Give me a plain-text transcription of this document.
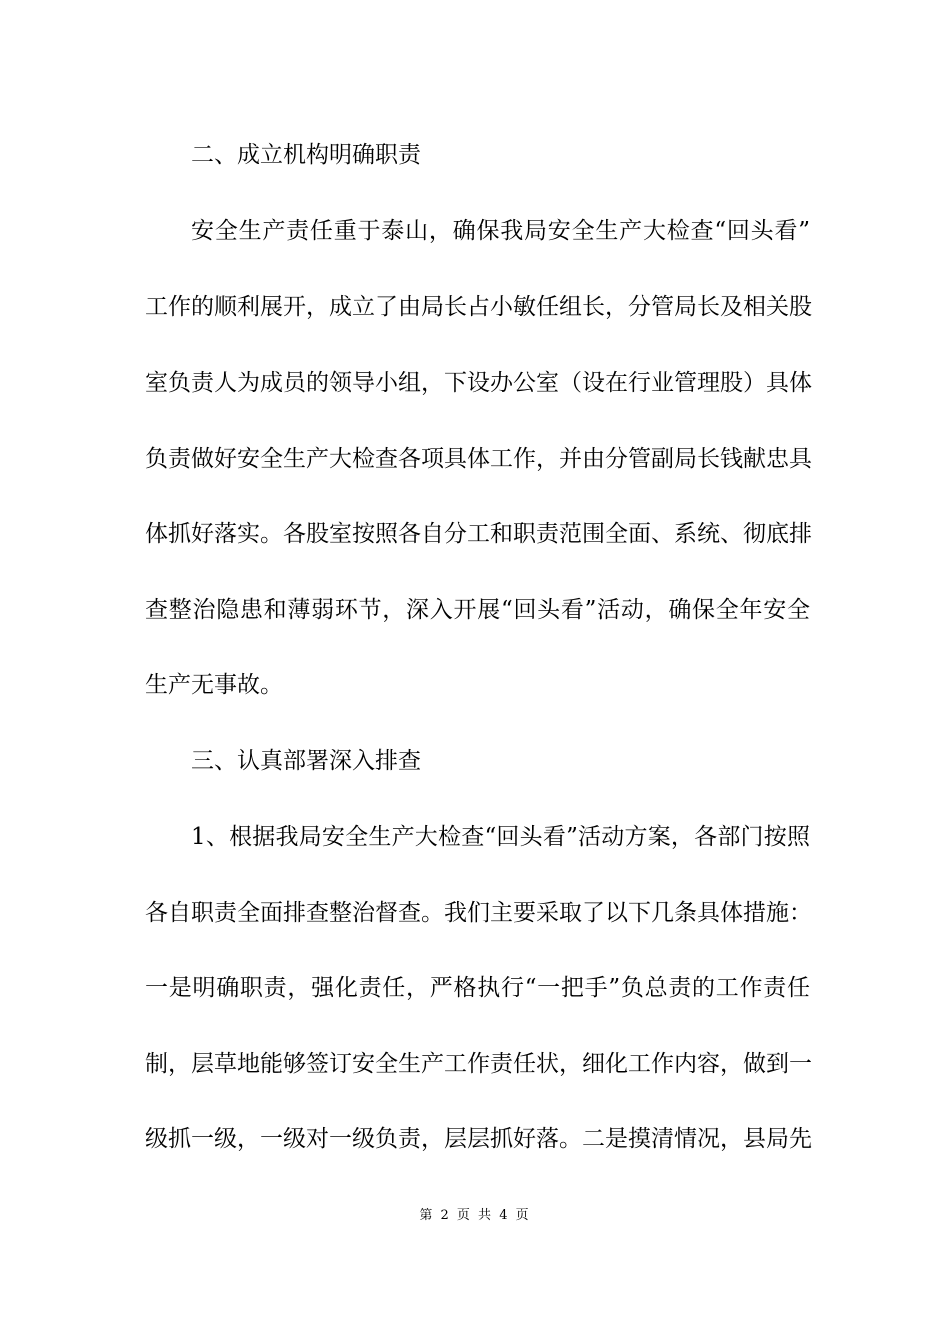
二、成立机构明确职责
安全生产责任重于泰山，确保我局安全生产大检查“回头看”
工作的顺利展开，成立了由局长占小敏任组长，分管局长及相关股
室负责人为成员的领导小组，下设办公室（设在行业管理股）具体
负责做好安全生产大检查各项具体工作，并由分管副局长钱献忠具
体抓好落实。各股室按照各自分工和职责范围全面、系统、彻底排
查整治隐患和薄弱环节，深入开展“回头看”活动，确保全年安全
生产无事故。
三、认真部署深入排查
1、根据我局安全生产大检查“回头看”活动方案，各部门按照
各自职责全面排查整治督查。我们主要采取了以下几条具体措施：
一是明确职责，强化责任，严格执行“一把手”负总责的工作责任
制，层草地能够签订安全生产工作责任状，细化工作内容，做到一
级抓一级，一级对一级负责，层层抓好落。二是摸清情况，县局先
第 2 页 共 4 页
